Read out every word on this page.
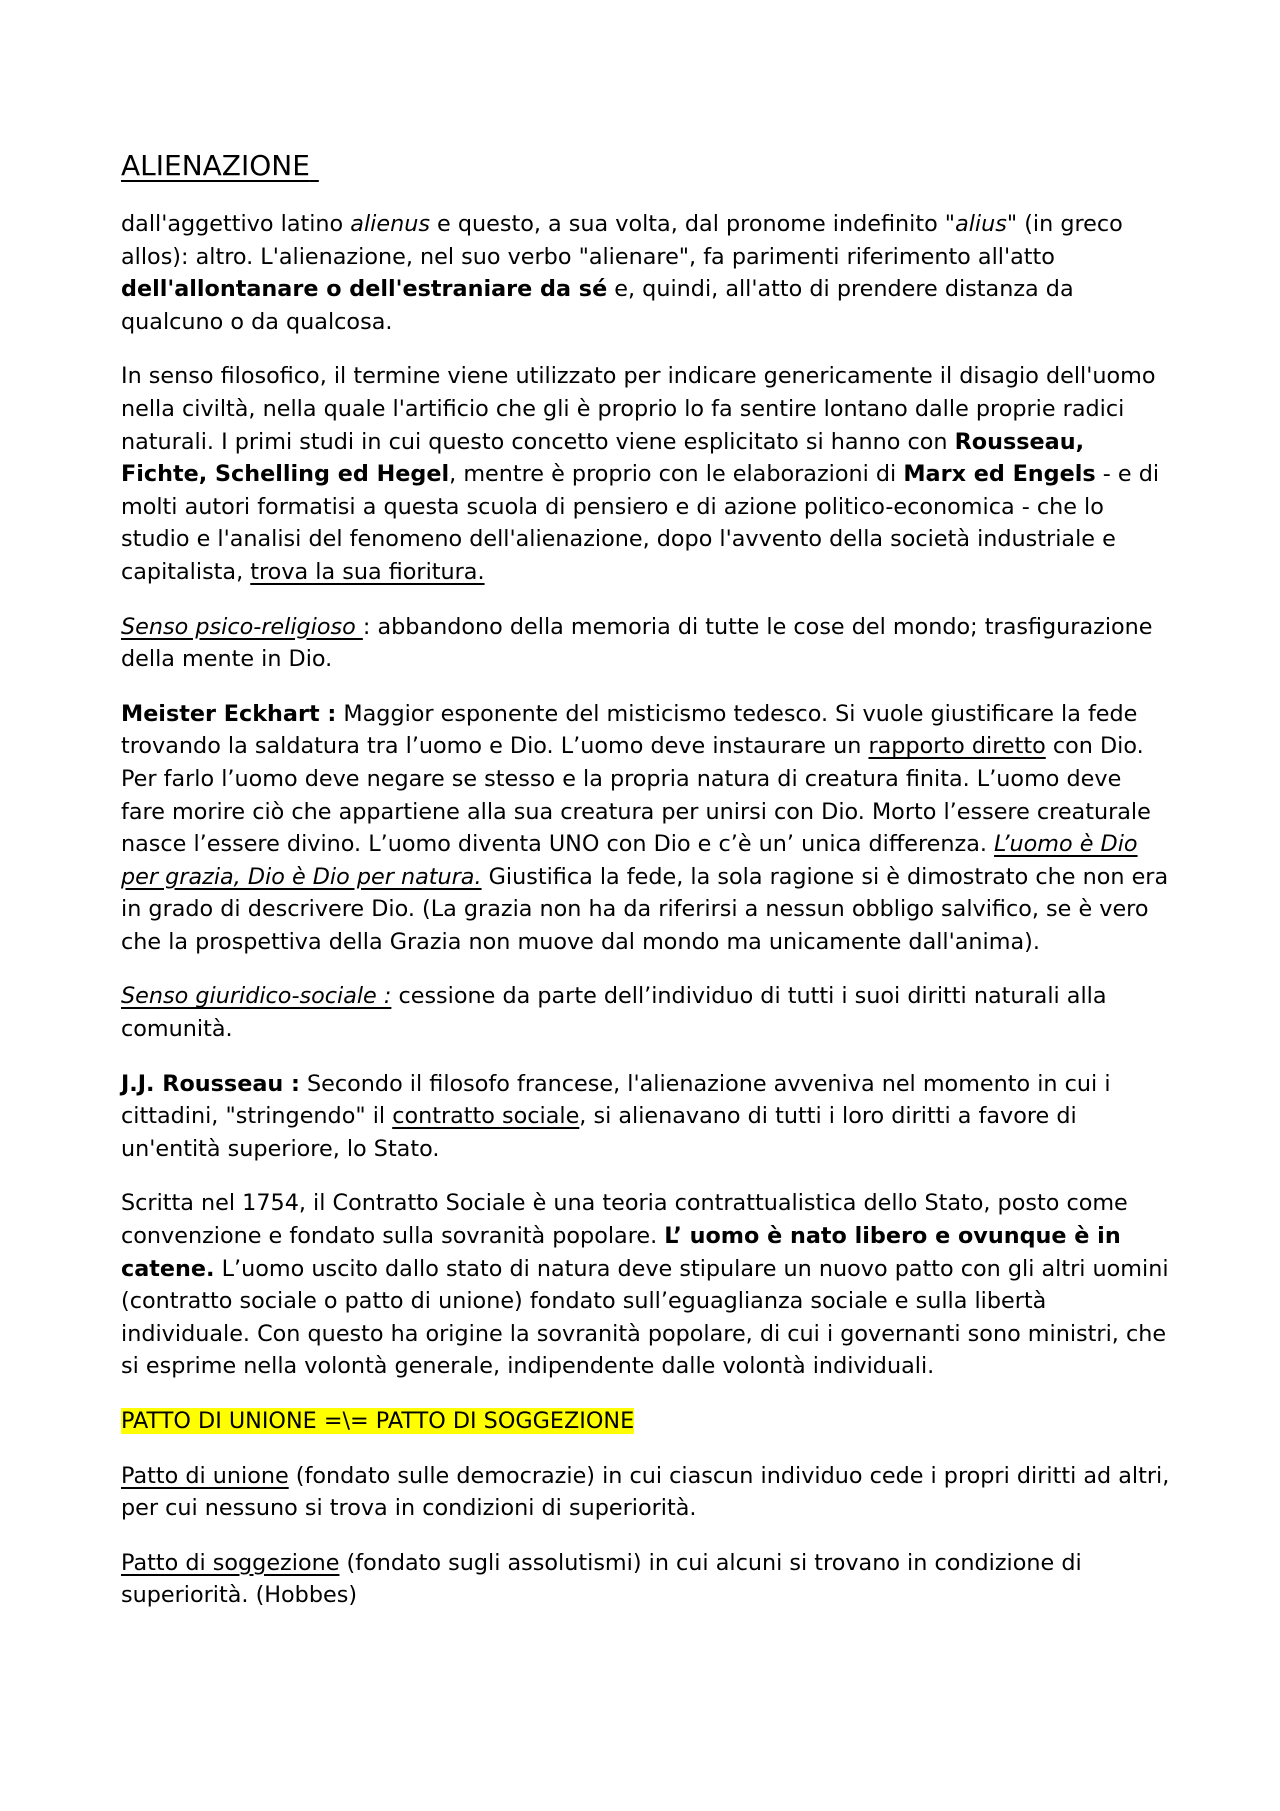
ALIENAZIONE

dall'aggettivo latino alienus e questo, a sua volta, dal pronome indefinito "alius" (in greco allos): altro. L'alienazione, nel suo verbo "alienare", fa parimenti riferimento all'atto dell'allontanare o dell'estraniare da sé e, quindi, all'atto di prendere distanza da qualcuno o da qualcosa.

In senso filosofico, il termine viene utilizzato per indicare genericamente il disagio dell'uomo nella civiltà, nella quale l'artificio che gli è proprio lo fa sentire lontano dalle proprie radici naturali. I primi studi in cui questo concetto viene esplicitato si hanno con Rousseau, Fichte, Schelling ed Hegel, mentre è proprio con le elaborazioni di Marx ed Engels - e di molti autori formatisi a questa scuola di pensiero e di azione politico-economica - che lo studio e l'analisi del fenomeno dell'alienazione, dopo l'avvento della società industriale e capitalista, trova la sua fioritura.

Senso psico-religioso : abbandono della memoria di tutte le cose del mondo; trasfigurazione della mente in Dio.

Meister Eckhart : Maggior esponente del misticismo tedesco. Si vuole giustificare la fede trovando la saldatura tra l’uomo e Dio. L’uomo deve instaurare un rapporto diretto con Dio. Per farlo l’uomo deve negare se stesso e la propria natura di creatura finita. L’uomo deve fare morire ciò che appartiene alla sua creatura per unirsi con Dio. Morto l’essere creaturale nasce l’essere divino. L’uomo diventa UNO con Dio e c’è un’ unica differenza. L’uomo è Dio per grazia, Dio è Dio per natura. Giustifica la fede, la sola ragione si è dimostrato che non era in grado di descrivere Dio. (La grazia non ha da riferirsi a nessun obbligo salvifico, se è vero che la prospettiva della Grazia non muove dal mondo ma unicamente dall'anima).

Senso giuridico-sociale : cessione da parte dell’individuo di tutti i suoi diritti naturali alla comunità.

J.J. Rousseau : Secondo il filosofo francese, l'alienazione avveniva nel momento in cui i cittadini, "stringendo" il contratto sociale, si alienavano di tutti i loro diritti a favore di un'entità superiore, lo Stato.

Scritta nel 1754, il Contratto Sociale è una teoria contrattualistica dello Stato, posto come convenzione e fondato sulla sovranità popolare. L’ uomo è nato libero e ovunque è in catene. L’uomo uscito dallo stato di natura deve stipulare un nuovo patto con gli altri uomini (contratto sociale o patto di unione) fondato sull’eguaglianza sociale e sulla libertà individuale. Con questo ha origine la sovranità popolare, di cui i governanti sono ministri, che si esprime nella volontà generale, indipendente dalle volontà individuali.

PATTO DI UNIONE =\= PATTO DI SOGGEZIONE

Patto di unione (fondato sulle democrazie) in cui ciascun individuo cede i propri diritti ad altri, per cui nessuno si trova in condizioni di superiorità.

Patto di soggezione (fondato sugli assolutismi) in cui alcuni si trovano in condizione di superiorità. (Hobbes)
